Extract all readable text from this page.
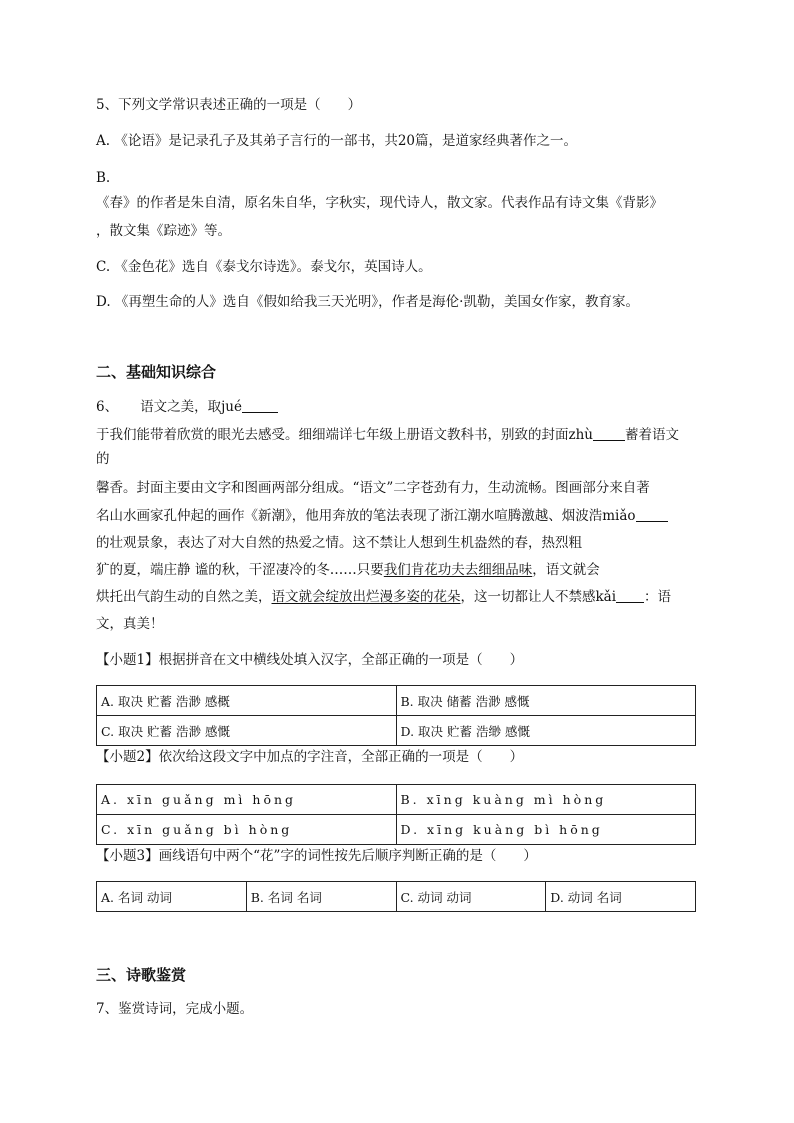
5、下列文学常识表述正确的一项是（　　）
A. 《论语》是记录孔子及其弟子言行的一部书，共20篇，是道家经典著作之一。
B.
《春》的作者是朱自清，原名朱自华，字秋实，现代诗人，散文家。代表作品有诗文集《背影》
，散文集《踪迹》等。
C. 《金色花》选自《泰戈尔诗选》。泰戈尔，英国诗人。
D. 《再塑生命的人》选自《假如给我三天光明》，作者是海伦·凯勒，美国女作家，教育家。
二、基础知识综合
6、 语文之美，取jué
于我们能带着欣赏的眼光去感受。细细端详七年级上册语文教科书，别致的封面zhù 蓄着语文
的
馨香。封面主要由文字和图画两部分组成。“语文”二字苍劲有力，生动流畅。图画部分来自著
名山水画家孔仲起的画作《新潮》，他用奔放的笔法表现了浙江潮水喧腾激越、烟波浩miǎo
的壮观景象，表达了对大自然的热爱之情。这不禁让人想到生机盎然的春，热烈粗
犷的夏，端庄静 谧的秋，干涩凄冷的冬……只要我们肯花功夫去细细品味，语文就会
烘托出气韵生动的自然之美，语文就会绽放出烂漫多姿的花朵，这一切都让人不禁感kǎi ：语
文，真美！
【小题1】根据拼音在文中横线处填入汉字，全部正确的一项是（　　）
A. 取决 贮蓄 浩渺 感概	B. 取决 储蓄 浩渺 感慨
C. 取决 贮蓄 浩渺 感慨	D. 取决 贮蓄 浩缈 感慨
【小题2】依次给这段文字中加点的字注音，全部正确的一项是（　　）
A. xīn guǎng mì hōng	B. xīng kuàng mì hòng
C. xīn guǎng bì hòng	D. xīng kuàng bì hōng
【小题3】画线语句中两个“花”字的词性按先后顺序判断正确的是（　　）
A. 名词 动词	B. 名词 名词	C. 动词 动词	D. 动词 名词
三、诗歌鉴赏
7、鉴赏诗词，完成小题。
